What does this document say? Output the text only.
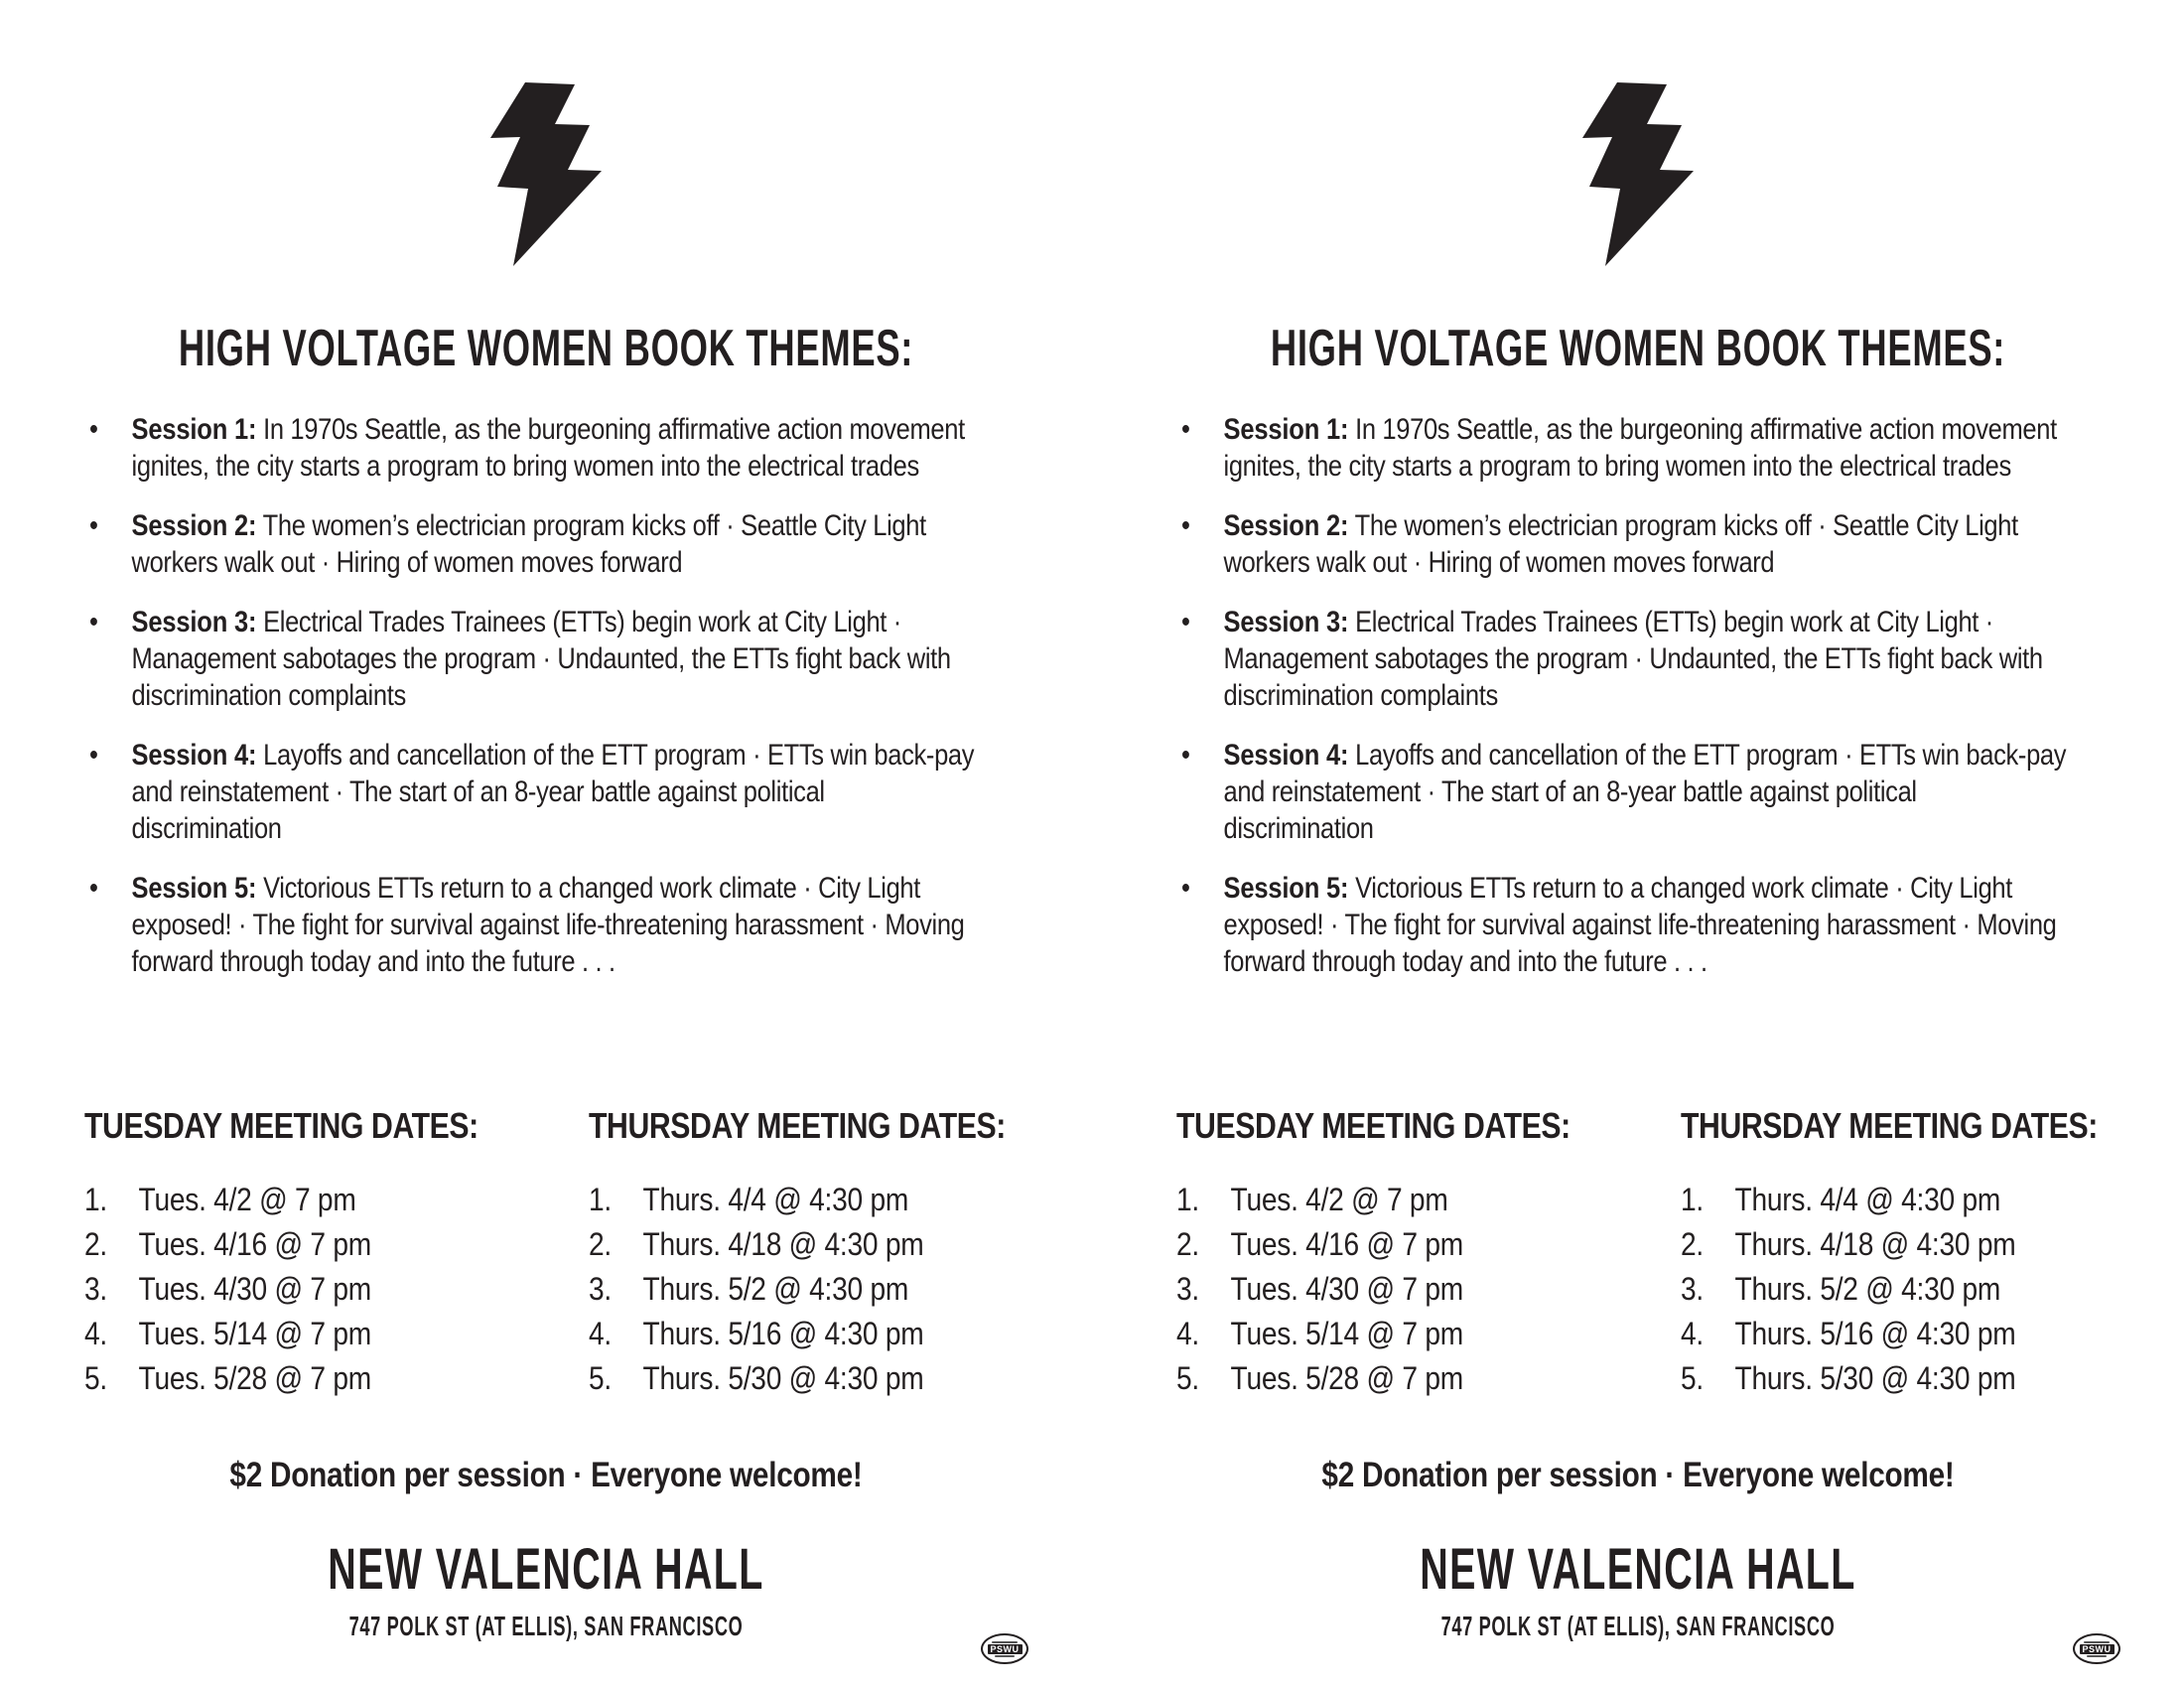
HIGH VOLTAGE WOMEN BOOK THEMES:
•	Session 1: In 1970s Seattle, as the burgeoning affirmative action movement ignites, the city starts a program to bring women into the electrical trades
•	Session 2: The women’s electrician program kicks off · Seattle City Light workers walk out · Hiring of women moves forward
•	Session 3: Electrical Trades Trainees (ETTs) begin work at City Light · Management sabotages the program · Undaunted, the ETTs fight back with discrimination complaints
•	Session 4: Layoffs and cancellation of the ETT program · ETTs win back-pay and reinstatement · The start of an 8-year battle against political discrimination
•	Session 5: Victorious ETTs return to a changed work climate · City Light exposed! · The fight for survival against life-threatening harassment · Moving forward through today and into the future . . .
TUESDAY MEETING DATES:
1. Tues. 4/2 @ 7 pm
2. Tues. 4/16 @ 7 pm
3. Tues. 4/30 @ 7 pm
4. Tues. 5/14 @ 7 pm
5. Tues. 5/28 @ 7 pm
THURSDAY MEETING DATES:
1. Thurs. 4/4 @ 4:30 pm
2. Thurs. 4/18 @ 4:30 pm
3. Thurs. 5/2 @ 4:30 pm
4. Thurs. 5/16 @ 4:30 pm
5. Thurs. 5/30 @ 4:30 pm
$2 Donation per session · Everyone welcome!
NEW VALENCIA HALL
747 POLK ST (AT ELLIS), SAN FRANCISCO
PSWU
HIGH VOLTAGE WOMEN BOOK THEMES:
•	Session 1: In 1970s Seattle, as the burgeoning affirmative action movement ignites, the city starts a program to bring women into the electrical trades
•	Session 2: The women’s electrician program kicks off · Seattle City Light workers walk out · Hiring of women moves forward
•	Session 3: Electrical Trades Trainees (ETTs) begin work at City Light · Management sabotages the program · Undaunted, the ETTs fight back with discrimination complaints
•	Session 4: Layoffs and cancellation of the ETT program · ETTs win back-pay and reinstatement · The start of an 8-year battle against political discrimination
•	Session 5: Victorious ETTs return to a changed work climate · City Light exposed! · The fight for survival against life-threatening harassment · Moving forward through today and into the future . . .
TUESDAY MEETING DATES:
1. Tues. 4/2 @ 7 pm
2. Tues. 4/16 @ 7 pm
3. Tues. 4/30 @ 7 pm
4. Tues. 5/14 @ 7 pm
5. Tues. 5/28 @ 7 pm
THURSDAY MEETING DATES:
1. Thurs. 4/4 @ 4:30 pm
2. Thurs. 4/18 @ 4:30 pm
3. Thurs. 5/2 @ 4:30 pm
4. Thurs. 5/16 @ 4:30 pm
5. Thurs. 5/30 @ 4:30 pm
$2 Donation per session · Everyone welcome!
NEW VALENCIA HALL
747 POLK ST (AT ELLIS), SAN FRANCISCO
PSWU
